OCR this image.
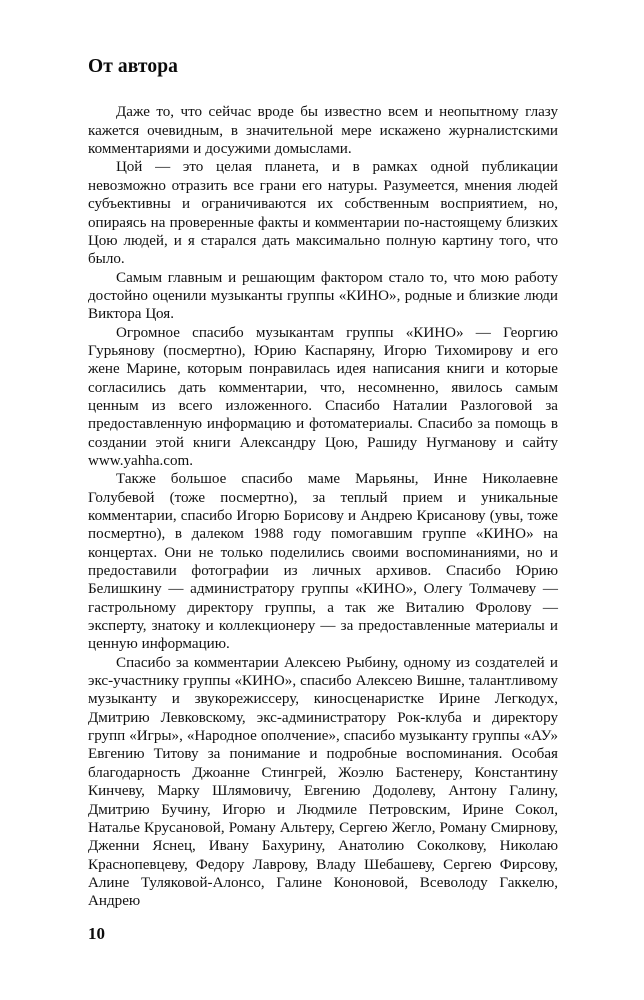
От автора

Даже то, что сейчас вроде бы известно всем и неопытному глазу кажется очевидным, в значительной мере искажено журналистскими комментариями и досужими домыслами.

Цой — это целая планета, и в рамках одной публикации невозможно отразить все грани его натуры. Разумеется, мнения людей субъективны и ограничиваются их собственным восприятием, но, опираясь на проверенные факты и комментарии по-настоящему близких Цою людей, и я старался дать максимально полную картину того, что было.

Самым главным и решающим фактором стало то, что мою работу достойно оценили музыканты группы «КИНО», родные и близкие люди Виктора Цоя.

Огромное спасибо музыкантам группы «КИНО» — Георгию Гурьянову (посмертно), Юрию Каспаряну, Игорю Тихомирову и его жене Марине, которым понравилась идея написания книги и которые согласились дать комментарии, что, несомненно, явилось самым ценным из всего изложенного. Спасибо Наталии Разлоговой за предоставленную информацию и фотоматериалы. Спасибо за помощь в создании этой книги Александру Цою, Рашиду Нугманову и сайту www.yahha.com.

Также большое спасибо маме Марьяны, Инне Николаевне Голубевой (тоже посмертно), за теплый прием и уникальные комментарии, спасибо Игорю Борисову и Андрею Крисанову (увы, тоже посмертно), в далеком 1988 году помогавшим группе «КИНО» на концертах. Они не только поделились своими воспоминаниями, но и предоставили фотографии из личных архивов. Спасибо Юрию Белишкину — администратору группы «КИНО», Олегу Толмачеву — гастрольному директору группы, а так же Виталию Фролову — эксперту, знатоку и коллекционеру — за предоставленные материалы и ценную информацию.

Спасибо за комментарии Алексею Рыбину, одному из создателей и экс-участнику группы «КИНО», спасибо Алексею Вишне, талантливому музыканту и звукорежиссеру, киносценаристке Ирине Легкодух, Дмитрию Левковскому, экс-администратору Рок-клуба и директору групп «Игры», «Народное ополчение», спасибо музыканту группы «АУ» Евгению Титову за понимание и подробные воспоминания. Особая благодарность Джоанне Стингрей, Жоэлю Бастенеру, Константину Кинчеву, Марку Шлямовичу, Евгению Додолеву, Антону Галину, Дмитрию Бучину, Игорю и Людмиле Петровским, Ирине Сокол, Наталье Крусановой, Роману Альтеру, Сергею Жегло, Роману Смирнову, Дженни Яснец, Ивану Бахурину, Анатолию Соколкову, Николаю Краснопевцеву, Федору Лаврову, Владу Шебашеву, Сергею Фирсову, Алине Туляковой-Алонсо, Галине Кононовой, Всеволоду Гаккелю, Андрею

10
